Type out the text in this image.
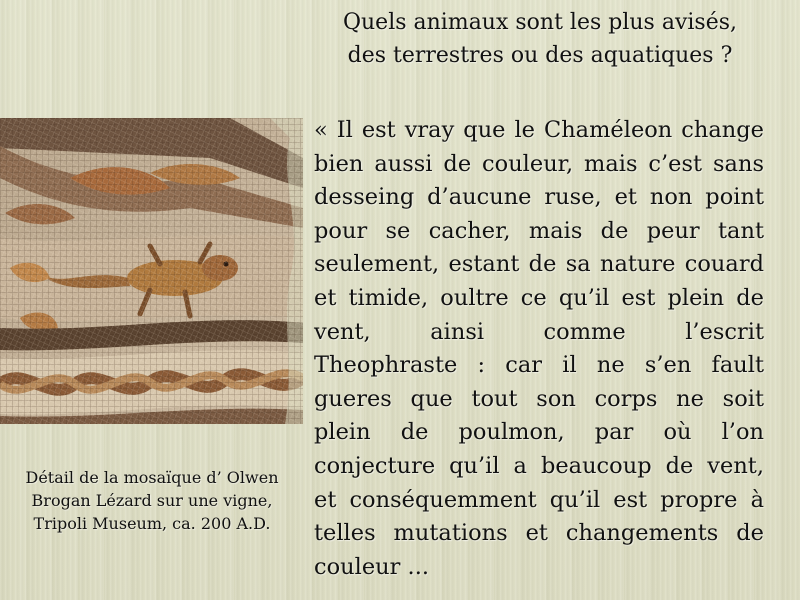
Quels animaux sont les plus avisés,
des terrestres ou des aquatiques ?

Détail de la mosaïque d’ Olwen
Brogan Lézard sur une vigne,
Tripoli Museum, ca. 200 A.D.

« Il est vray que le Chaméleon change
bien aussi de couleur, mais c’est sans
desseing d’aucune ruse, et non point
pour se cacher, mais de peur tant
seulement, estant de sa nature couard
et timide, oultre ce qu’il est plein de
vent, ainsi comme l’escrit
Theophraste : car il ne s’en fault
gueres que tout son corps ne soit
plein de poulmon, par où l’on
conjecture qu’il a beaucoup de vent,
et conséquemment qu’il est propre à
telles mutations et changements de
couleur ...
